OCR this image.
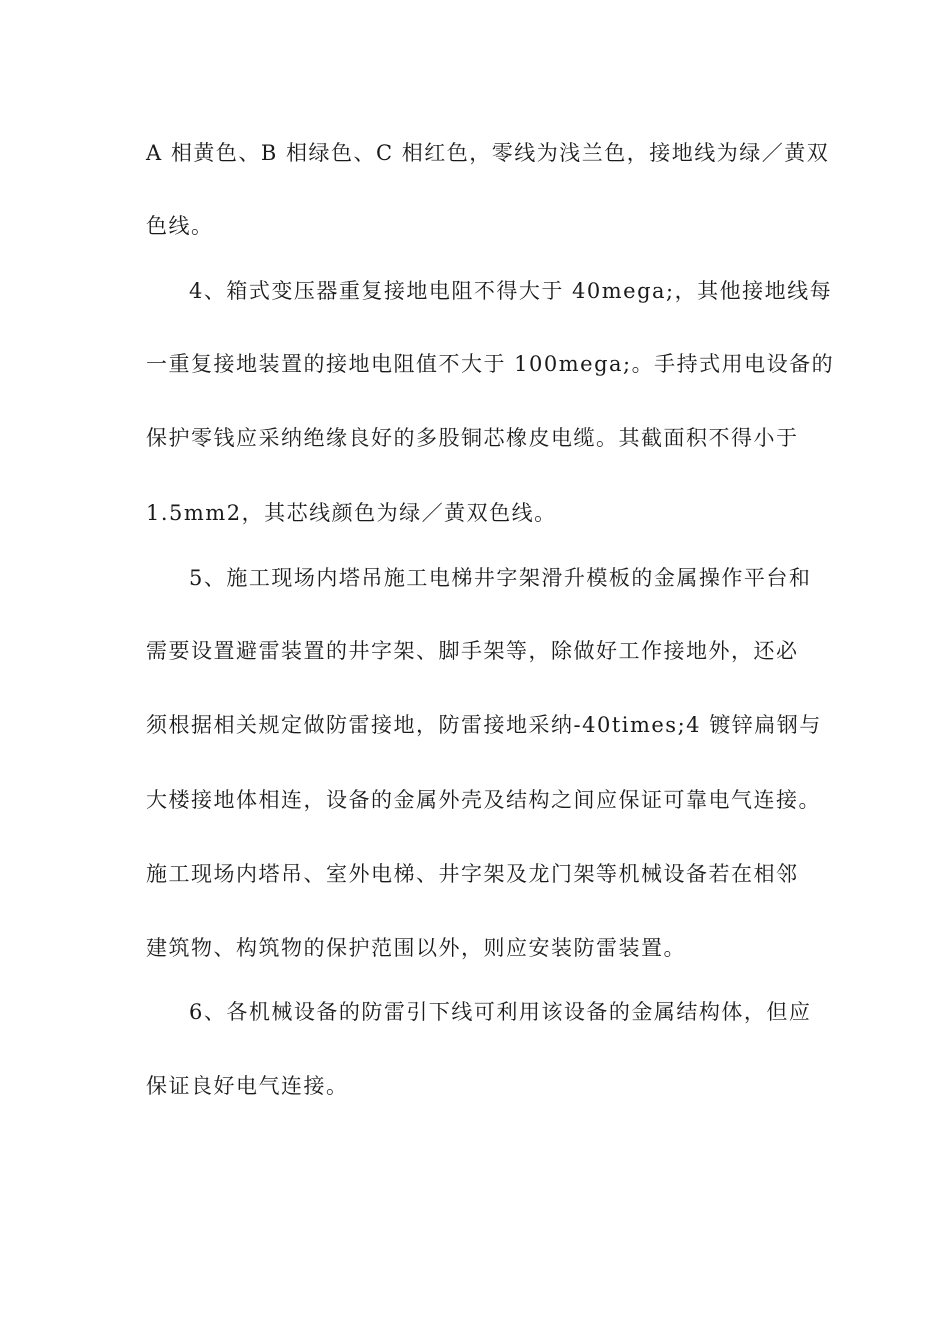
A 相黄色、B 相绿色、C 相红色，零线为浅兰色，接地线为绿／黄双
色线。
4、箱式变压器重复接地电阻不得大于 40mega;，其他接地线每
一重复接地装置的接地电阻值不大于 100mega;。手持式用电设备的
保护零钱应采纳绝缘良好的多股铜芯橡皮电缆。其截面积不得小于
1.5mm2，其芯线颜色为绿／黄双色线。
5、施工现场内塔吊施工电梯井字架滑升模板的金属操作平台和
需要设置避雷装置的井字架、脚手架等，除做好工作接地外，还必
须根据相关规定做防雷接地，防雷接地采纳-40times;4 镀锌扁钢与
大楼接地体相连，设备的金属外壳及结构之间应保证可靠电气连接。
施工现场内塔吊、室外电梯、井字架及龙门架等机械设备若在相邻
建筑物、构筑物的保护范围以外，则应安装防雷装置。
6、各机械设备的防雷引下线可利用该设备的金属结构体，但应
保证良好电气连接。
